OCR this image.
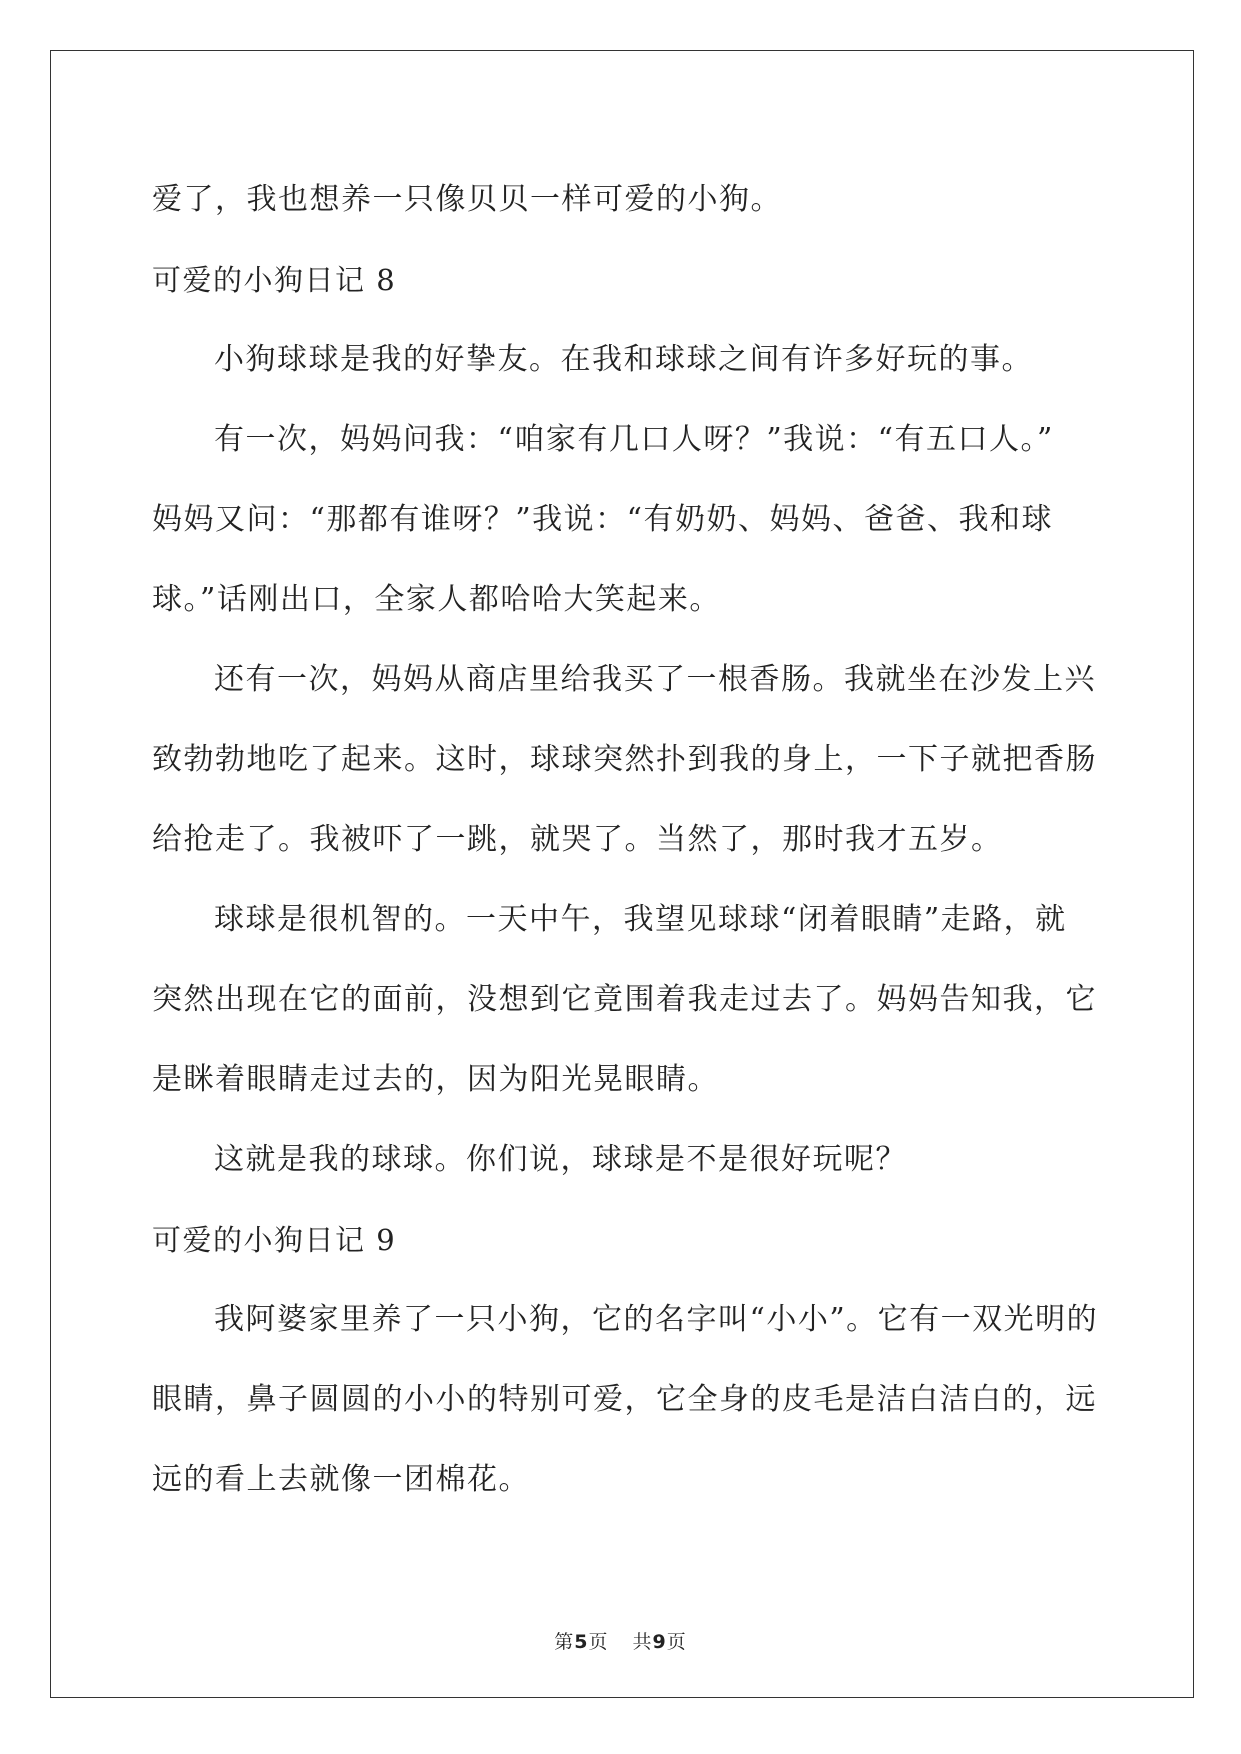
爱了，我也想养一只像贝贝一样可爱的小狗。
可爱的小狗日记 8
小狗球球是我的好挚友。在我和球球之间有许多好玩的事。
有一次，妈妈问我：“咱家有几口人呀？”我说：“有五口人。”
妈妈又问：“那都有谁呀？”我说：“有奶奶、妈妈、爸爸、我和球
球。”话刚出口，全家人都哈哈大笑起来。
还有一次，妈妈从商店里给我买了一根香肠。我就坐在沙发上兴
致勃勃地吃了起来。这时，球球突然扑到我的身上，一下子就把香肠
给抢走了。我被吓了一跳，就哭了。当然了，那时我才五岁。
球球是很机智的。一天中午，我望见球球“闭着眼睛”走路，就
突然出现在它的面前，没想到它竟围着我走过去了。妈妈告知我，它
是眯着眼睛走过去的，因为阳光晃眼睛。
这就是我的球球。你们说，球球是不是很好玩呢？
可爱的小狗日记 9
我阿婆家里养了一只小狗，它的名字叫“小小”。它有一双光明的
眼睛，鼻子圆圆的小小的特别可爱，它全身的皮毛是洁白洁白的，远
远的看上去就像一团棉花。
第5页 共9页
